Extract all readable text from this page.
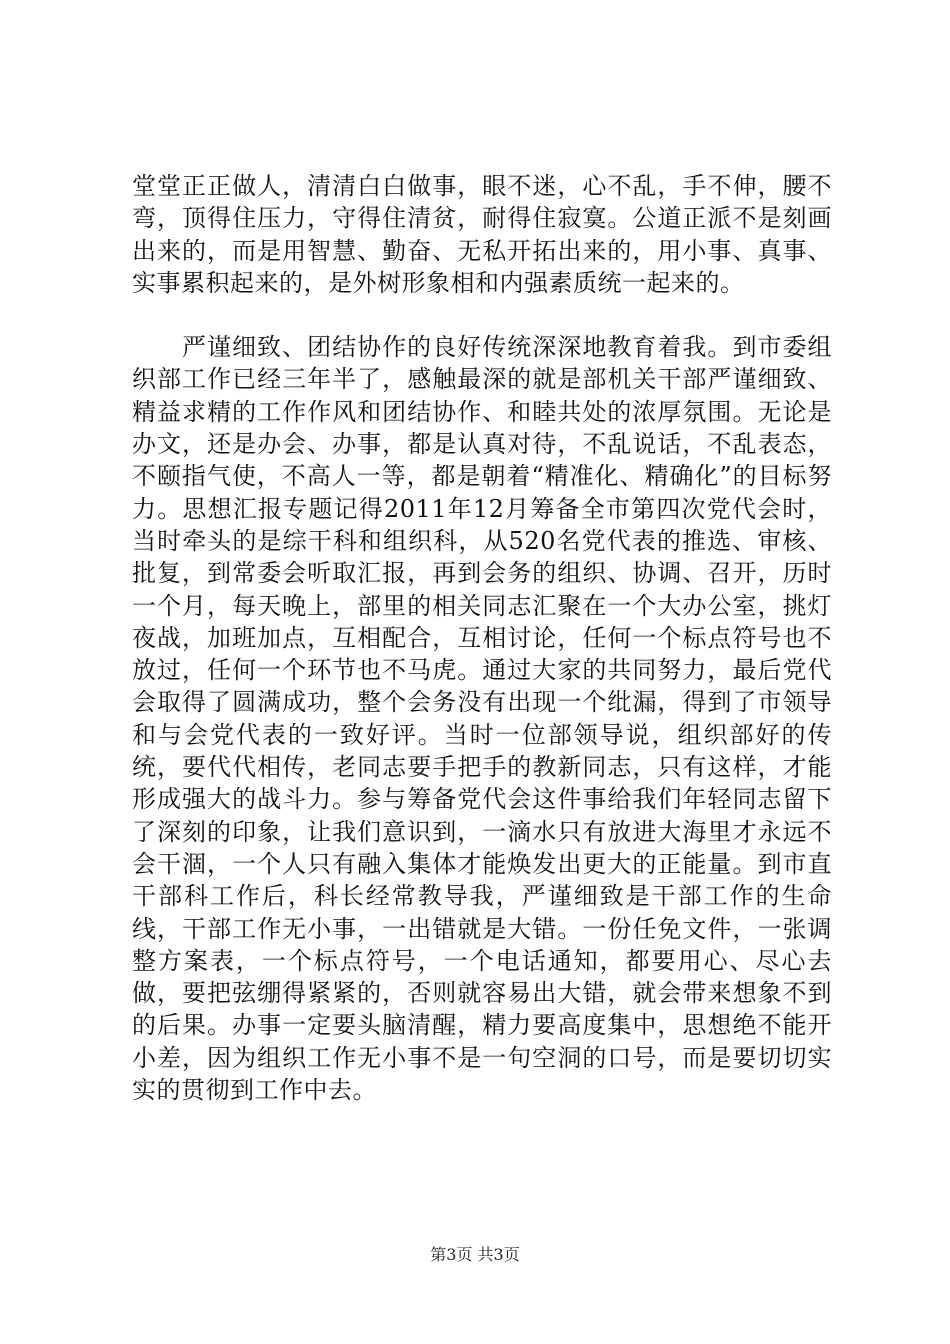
堂堂正正做人，清清白白做事，眼不迷，心不乱，手不伸，腰不弯，顶得住压力，守得住清贫，耐得住寂寞。公道正派不是刻画出来的，而是用智慧、勤奋、无私开拓出来的，用小事、真事、实事累积起来的，是外树形象相和内强素质统一起来的。

严谨细致、团结协作的良好传统深深地教育着我。到市委组织部工作已经三年半了，感触最深的就是部机关干部严谨细致、精益求精的工作作风和团结协作、和睦共处的浓厚氛围。无论是办文，还是办会、办事，都是认真对待，不乱说话，不乱表态，不颐指气使，不高人一等，都是朝着“精准化、精确化”的目标努力。思想汇报专题记得2011年12月筹备全市第四次党代会时，当时牵头的是综干科和组织科，从520名党代表的推选、审核、批复，到常委会听取汇报，再到会务的组织、协调、召开，历时一个月，每天晚上，部里的相关同志汇聚在一个大办公室，挑灯夜战，加班加点，互相配合，互相讨论，任何一个标点符号也不放过，任何一个环节也不马虎。通过大家的共同努力，最后党代会取得了圆满成功，整个会务没有出现一个纰漏，得到了市领导和与会党代表的一致好评。当时一位部领导说，组织部好的传统，要代代相传，老同志要手把手的教新同志，只有这样，才能形成强大的战斗力。参与筹备党代会这件事给我们年轻同志留下了深刻的印象，让我们意识到，一滴水只有放进大海里才永远不会干涸，一个人只有融入集体才能焕发出更大的正能量。到市直干部科工作后，科长经常教导我，严谨细致是干部工作的生命线，干部工作无小事，一出错就是大错。一份任免文件，一张调整方案表，一个标点符号，一个电话通知，都要用心、尽心去做，要把弦绷得紧紧的，否则就容易出大错，就会带来想象不到的后果。办事一定要头脑清醒，精力要高度集中，思想绝不能开小差，因为组织工作无小事不是一句空洞的口号，而是要切切实实的贯彻到工作中去。

第3页 共3页
